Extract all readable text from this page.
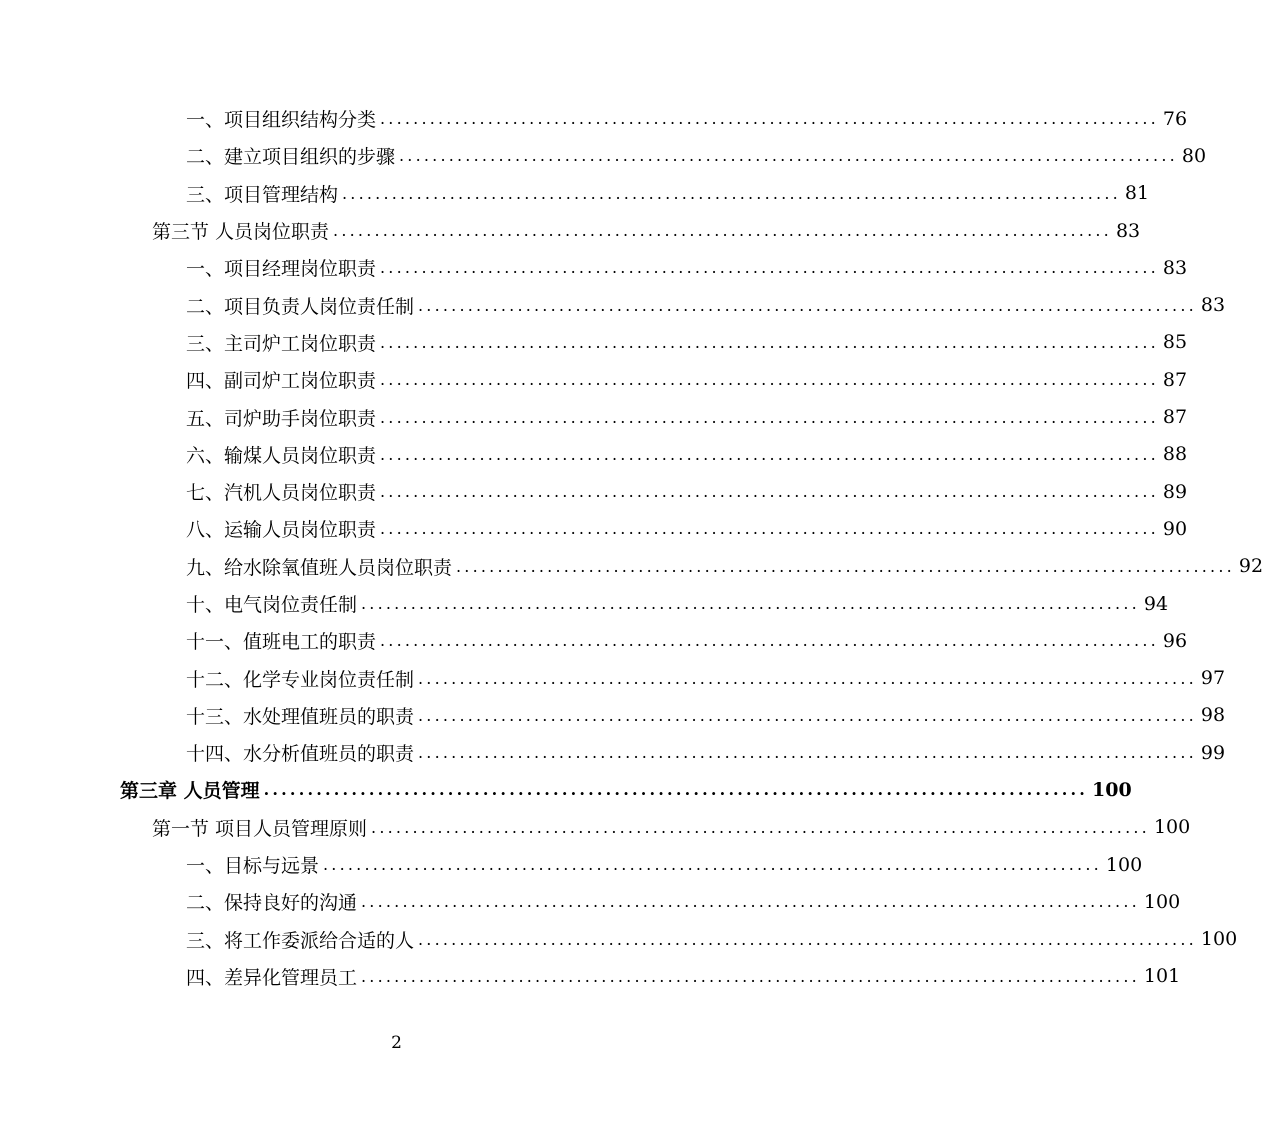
一、项目组织结构分类 .............................................................................................. 76
二、建立项目组织的步骤 .............................................................................................. 80
三、项目管理结构 .............................................................................................. 81
第三节 人员岗位职责 .............................................................................................. 83
一、项目经理岗位职责 .............................................................................................. 83
二、项目负责人岗位责任制 .............................................................................................. 83
三、主司炉工岗位职责 .............................................................................................. 85
四、副司炉工岗位职责 .............................................................................................. 87
五、司炉助手岗位职责 .............................................................................................. 87
六、输煤人员岗位职责 .............................................................................................. 88
七、汽机人员岗位职责 .............................................................................................. 89
八、运输人员岗位职责 .............................................................................................. 90
九、给水除氧值班人员岗位职责 .............................................................................................. 92
十、电气岗位责任制 .............................................................................................. 94
十一、值班电工的职责 .............................................................................................. 96
十二、化学专业岗位责任制 .............................................................................................. 97
十三、水处理值班员的职责 .............................................................................................. 98
十四、水分析值班员的职责 .............................................................................................. 99
第三章 人员管理 .............................................................................................. 100
第一节 项目人员管理原则 .............................................................................................. 100
一、目标与远景 .............................................................................................. 100
二、保持良好的沟通 .............................................................................................. 100
三、将工作委派给合适的人 .............................................................................................. 100
四、差异化管理员工 .............................................................................................. 101
2
